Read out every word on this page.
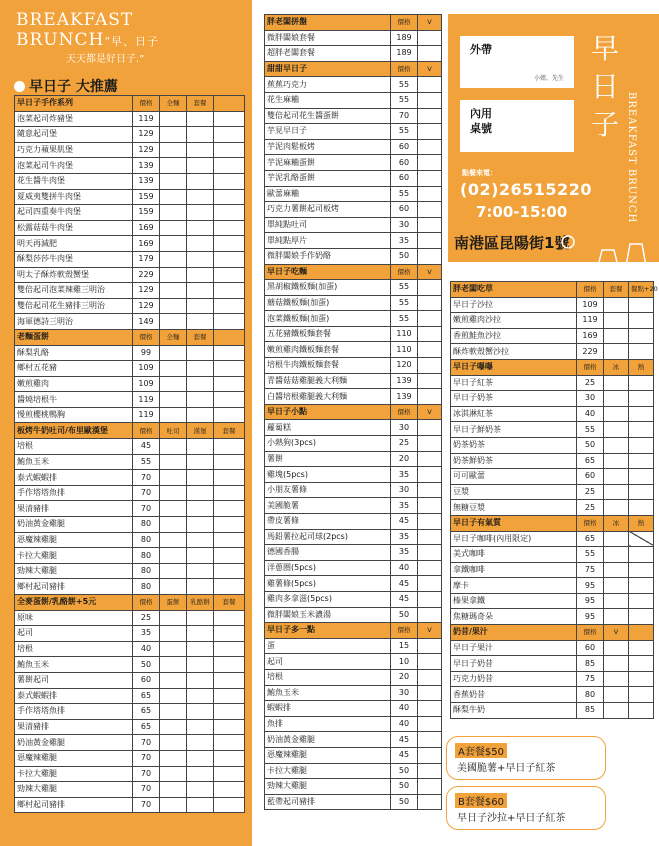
BREAKFAST
BRUNCH“早、日子
天天都是好日子.”
早日子 大推薦
早日子手作系列	價格	全麵	套餐	
泡菜起司炸豬堡	119			
隨意起司堡	129			
巧克力蘋果肌堡	129			
泡菜起司牛肉堡	139			
花生醬牛肉堡	139			
夏威夷雙拼牛肉堡	159			
起司四重奏牛肉堡	159			
松露菇菇牛肉堡	169			
明天再減肥	169			
酥梨莎莎牛肉堡	179			
明太子酥炸軟殼蟹堡	229			
雙倍起司泡菜辣雞三明治	129			
雙倍起司花生豬排三明治	129			
海軍德詩三明治	149			
老麵蛋餅	價格	全麵	套餐	
酥梨乳酪	99			
鄉村五花豬	109			
嫩煎雞肉	109			
醬燒培根牛	119			
慢煎櫻桃鴨胸	119			
板烤牛奶吐司/布里歐漢堡	價格	吐司	漢堡	套餐
培根	45			
鮪魚玉米	55			
泰式蝦蝦排	70			
手作塔塔魚排	70			
果清豬排	70			
奶油黃金雞腿	80			
惡魔辣雞腿	80			
卡拉大雞腿	80			
勁辣大雞腿	80			
鄉村起司豬排	80			
全麥蛋餅/乳酪餅+5元	價格	蛋餅	乳酪餅	套餐
原味	25			
起司	35			
培根	40			
鮪魚玉米	50			
薯餅起司	60			
泰式蝦蝦排	65			
手作塔塔魚排	65			
果清豬排	65			
奶油黃金雞腿	70			
惡魔辣雞腿	70			
卡拉大雞腿	70			
勁辣大雞腿	70			
鄉村起司豬排	70			
胖老闆拼盤	價格	V
微胖闆娘套餐	189	
超胖老闆套餐	189	
甜甜早日子	價格	V
蕉蕉巧克力	55	
花生麻粬	55	
雙倍起司花生醬蛋餅	70	
芋見早日子	55	
芋泥肉鬆板烤	60	
芋泥麻粬蛋餅	60	
芋泥乳酪蛋餅	60	
歐蕾麻粬	55	
巧克力薯餅起司板烤	60	
單純點吐司	30	
單純點厚片	35	
微胖闆娘手作奶酪	50	
早日子吃麵	價格	V
黑胡椒鐵板麵(加蛋)	55	
蘑菇鐵板麵(加蛋)	55	
泡菜鐵板麵(加蛋)	55	
五花豬鐵板麵套餐	110	
嫩煎雞肉鐵板麵套餐	110	
培根牛肉鐵板麵套餐	120	
青醬菇菇雞腿義大利麵	139	
白醬培根雞腿義大利麵	139	
早日子小點	價格	V
蘿蔔糕	30	
小熱狗(3pcs)	25	
薯餅	20	
雞塊(5pcs)	35	
小朋友薯條	30	
美國脆薯	35	
帶皮薯條	45	
馬鉛薯拉起司球(2pcs)	35	
德國香腸	35	
洋蔥圈(5pcs)	40	
雞薯條(5pcs)	45	
雞肉多拿滋(5pcs)	45	
微胖闆娘玉米濃湯	50	
早日子多一點	價格	V
蛋	15	
起司	10	
培根	20	
鮪魚玉米	30	
蝦蝦排	40	
魚排	40	
奶油黃金雞腿	45	
惡魔辣雞腿	45	
卡拉大雞腿	50	
勁辣大雞腿	50	
藍帶起司豬排	50	
胖老闆吃草	價格	套餐	餐點+20
早日子沙拉	109		
嫩煎雞肉沙拉	119		
香煎鮭魚沙拉	169		
酥炸軟殼蟹沙拉	229		
早日子嚗嚗	價格	冰	熱
早日子紅茶	25		
早日子奶茶	30		
冰淇淋紅茶	40		
早日子鮮奶茶	55		
奶茶奶茶	50		
奶茶鮮奶茶	65		
可可歐蕾	60		
豆漿	25		
無糖豆漿	25		
早日子有氣質	價格	冰	熱
早日子咖啡(內用限定)	65		
美式咖啡	55		
拿鐵咖啡	75		
摩卡	95		
榛果拿鐵	95		
焦糖瑪奇朵	95		
奶昔/果汁	價格	V	
早日子果汁	60		
早日子奶昔	85		
巧克力奶昔	75		
香蕉奶昔	80		
酥梨牛奶	85		
外帶
小姐、先生
內用
桌號
早
日
子 BREAKFAST BRUNCH
點餐來電：
(02)26515220
7:00-15:00
南港區昆陽街1號
A套餐$50
美國脆薯+早日子紅茶
B套餐$60
早日子沙拉+早日子紅茶
